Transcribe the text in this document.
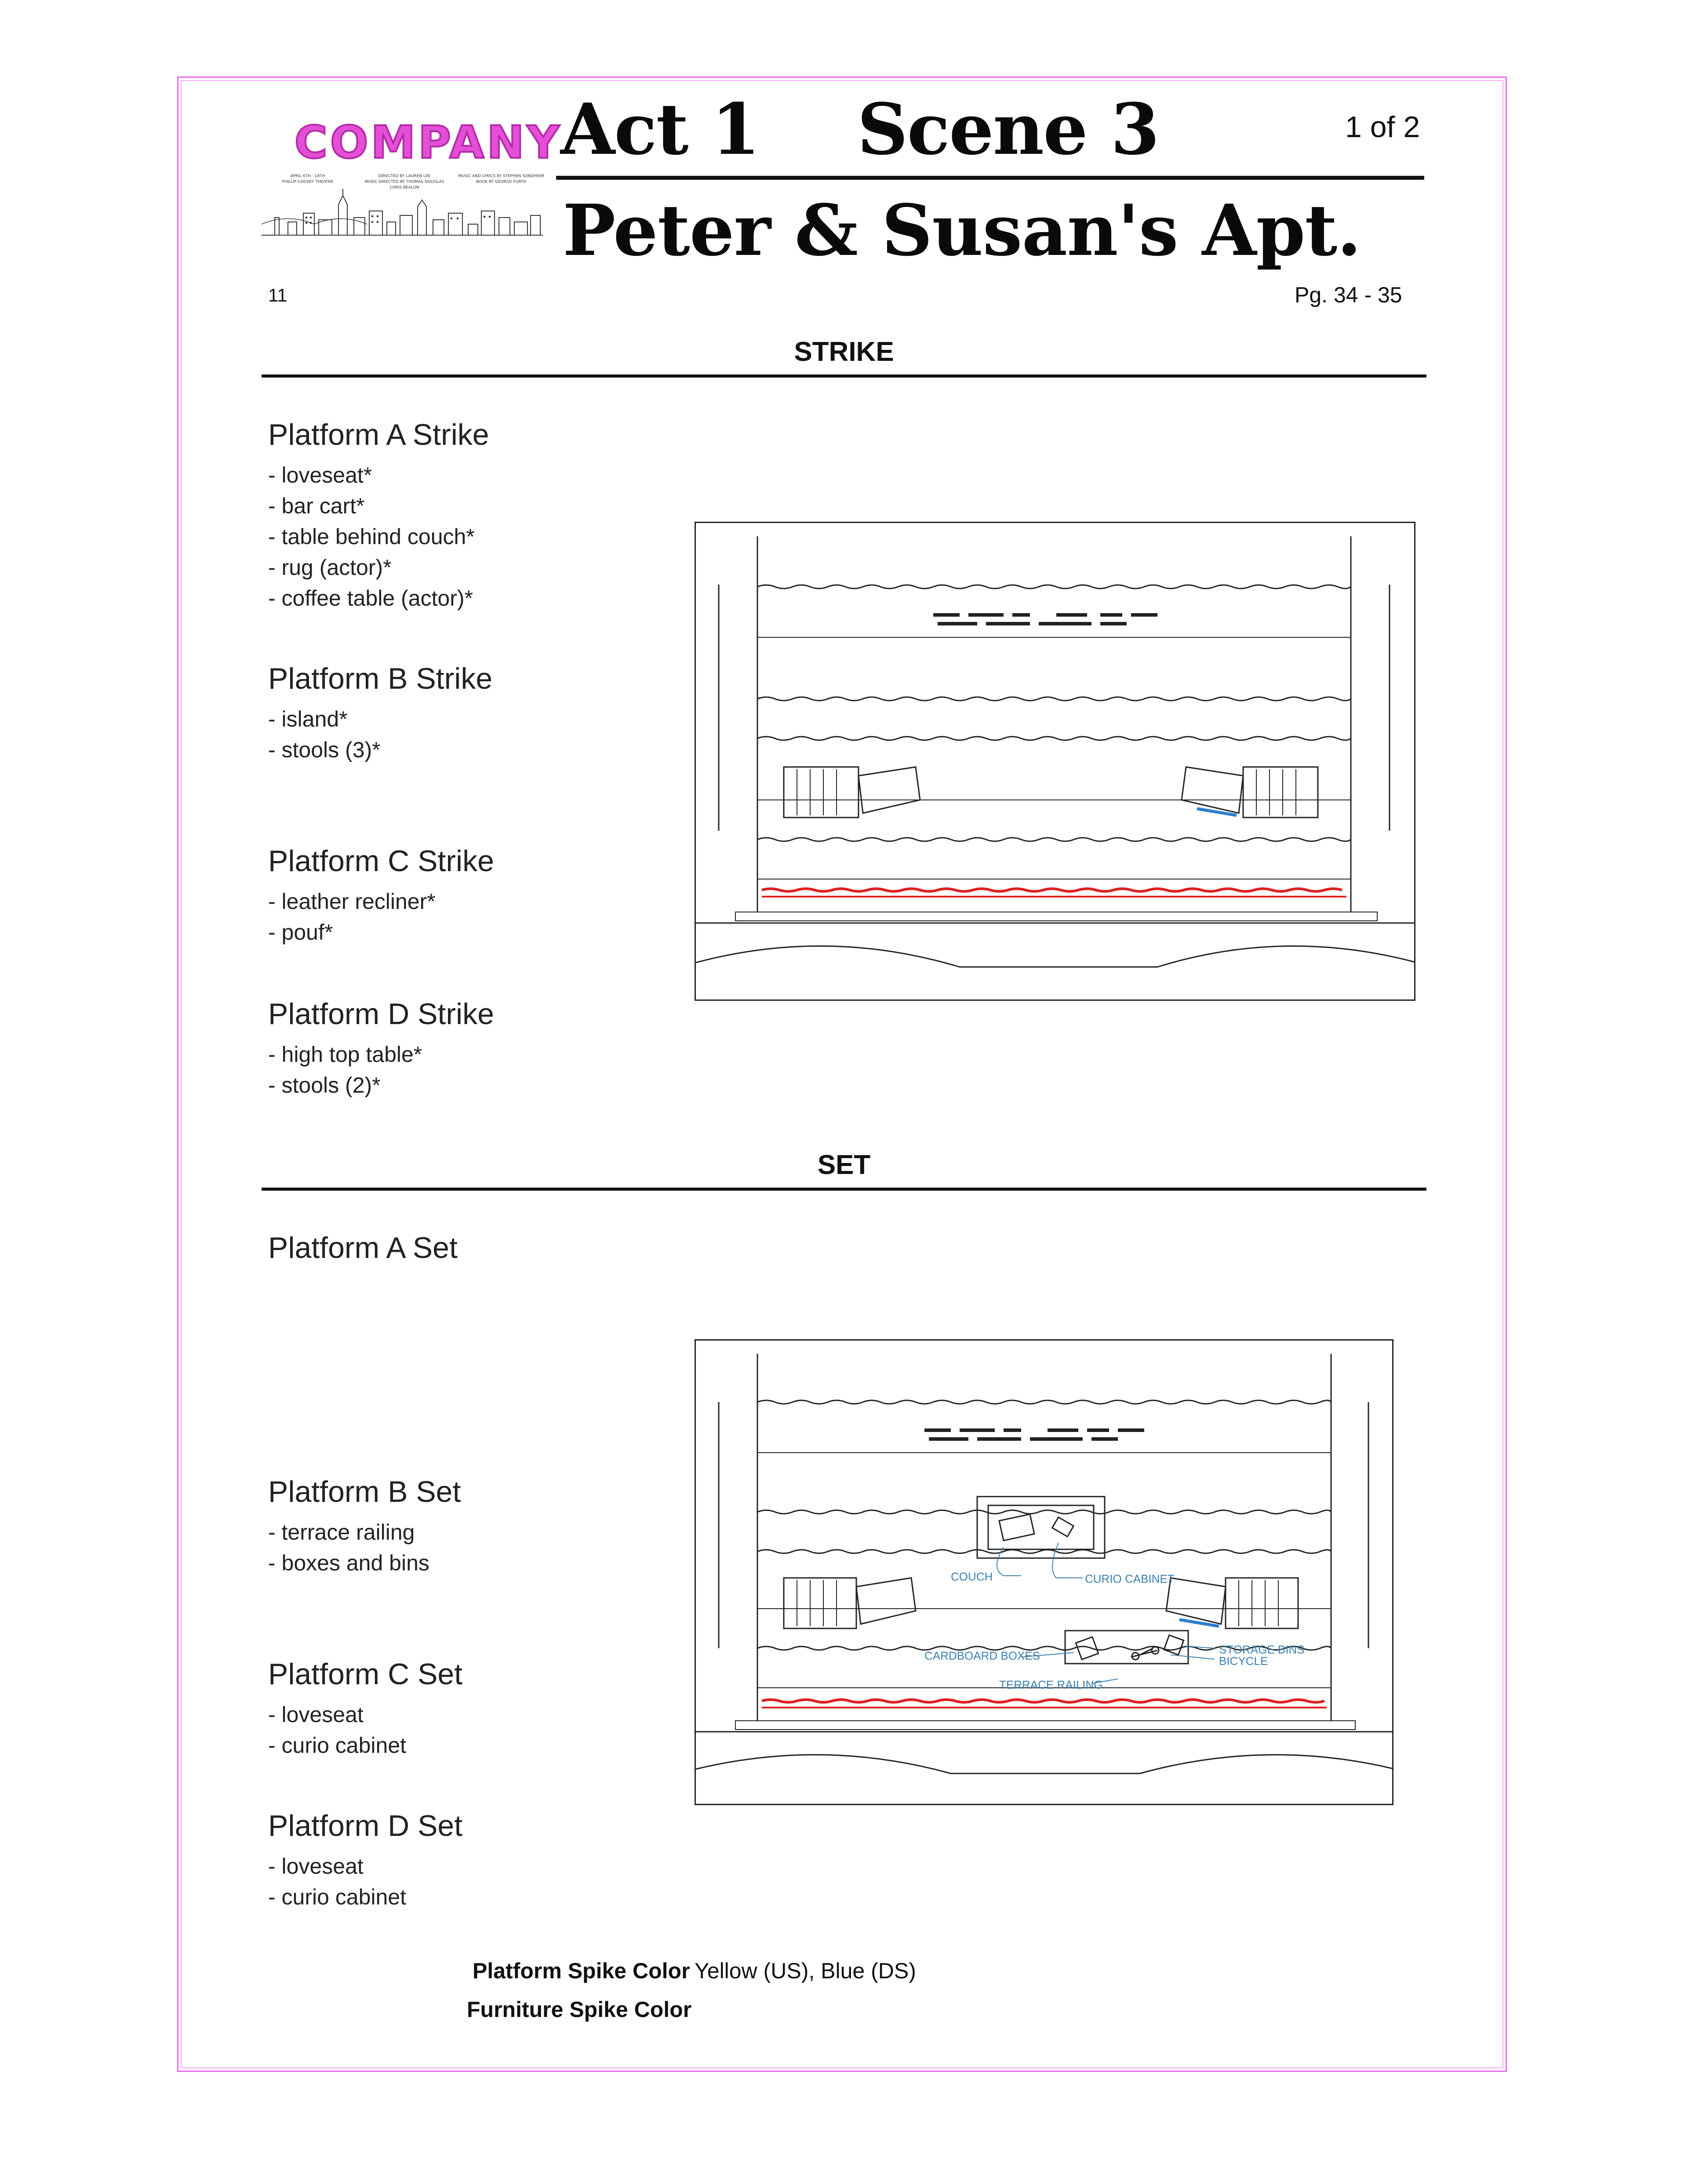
COMPANY
APRIL 6TH - 18TH
PHILLIP CHOSKY THEATRE
DIRECTED BY LAUREN LEE
MUSIC DIRECTED BY THOMAS DOUGLAS
CHRIS BEALON
MUSIC AND LYRICS BY STEPHEN SONDHEIM
BOOK BY GEORGE FURTH
Act 1 Scene 3	1 of 2
Peter & Susan's Apt.
11	Pg. 34 - 35
STRIKE
Platform A Strike
- loveseat*
- bar cart*
- table behind couch*
- rug (actor)*
- coffee table (actor)*
Platform B Strike
- island*
- stools (3)*
Platform C Strike
- leather recliner*
- pouf*
Platform D Strike
- high top table*
- stools (2)*
SET
Platform A Set
Platform B Set
- terrace railing
- boxes and bins
Platform C Set
- loveseat
- curio cabinet
Platform D Set
- loveseat
- curio cabinet
COUCH	CURIO CABINET
CARDBOARD BOXES	STORAGE BINS
BICYCLE
TERRACE RAILING
Platform Spike Color Yellow (US), Blue (DS)
Furniture Spike Color
